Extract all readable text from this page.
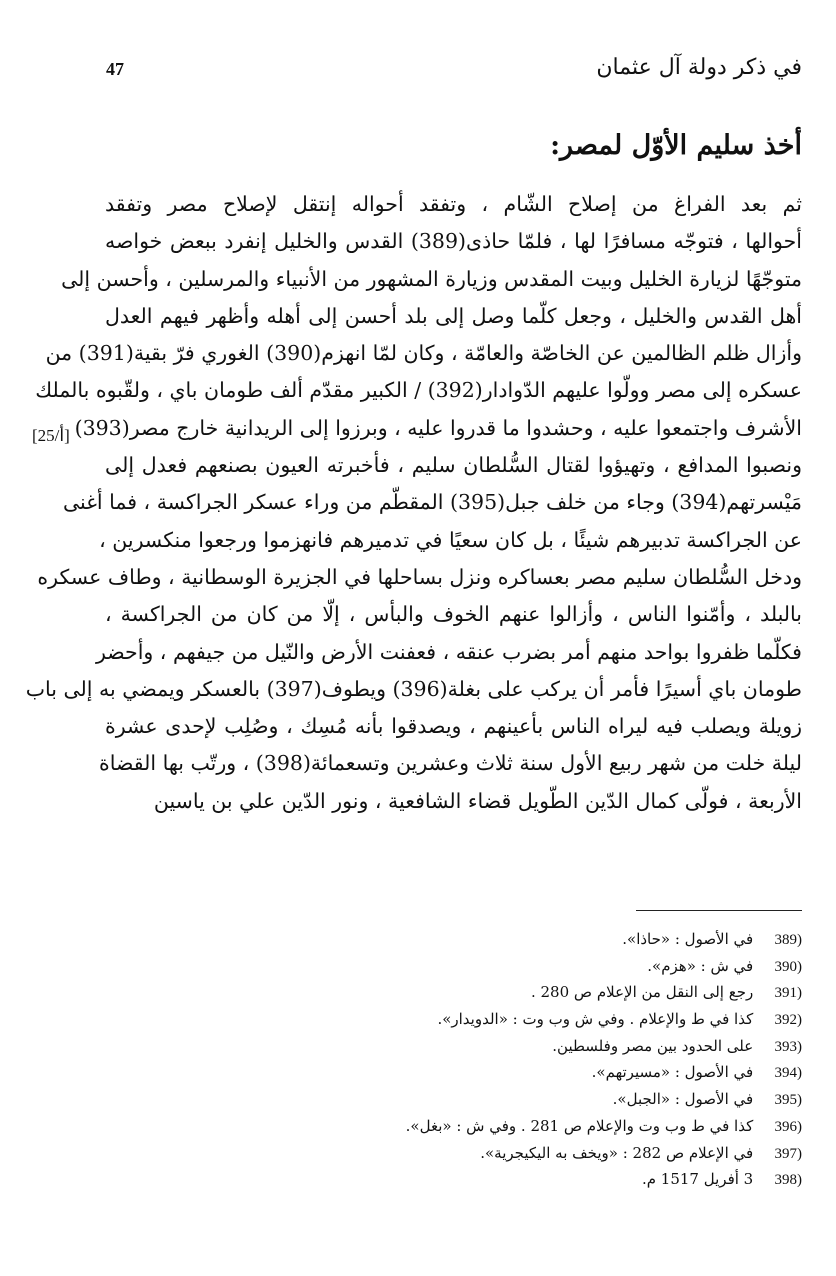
في ذكر دولة آل عثمان
47
أخذ سليم الأوّل لمصر:
[25/أ]
ثم بعد الفراغ من إصلاح الشّام ، وتفقد أحواله إنتقل لإصلاح مصر وتفقد
أحوالها ، فتوجّه مسافرًا لها ، فلمّا حاذى(389) القدس والخليل إنفرد ببعض خواصه
متوجّهًا لزيارة الخليل وبيت المقدس وزيارة المشهور من الأنبياء والمرسلين ، وأحسن إلى
أهل القدس والخليل ، وجعل كلّما وصل إلى بلد أحسن إلى أهله وأظهر فيهم العدل
وأزال ظلم الظالمين عن الخاصّة والعامّة ، وكان لمّا انهزم(390) الغوري فرّ بقية(391) من
عسكره إلى مصر وولّوا عليهم الدّوادار(392) / الكبير مقدّم ألف طومان باي ، ولقّبوه بالملك
الأشرف واجتمعوا عليه ، وحشدوا ما قدروا عليه ، وبرزوا إلى الريدانية خارج مصر(393)
ونصبوا المدافع ، وتهيؤوا لقتال السُّلطان سليم ، فأخبرته العيون بصنعهم فعدل إلى
مَيْسرتهم(394) وجاء من خلف جبل(395) المقطّم من وراء عسكر الجراكسة ، فما أغنى
عن الجراكسة تدبيرهم شيئًا ، بل كان سعيًا في تدميرهم فانهزموا ورجعوا منكسرين ،
ودخل السُّلطان سليم مصر بعساكره ونزل بساحلها في الجزيرة الوسطانية ، وطاف عسكره
بالبلد ، وأمّنوا الناس ، وأزالوا عنهم الخوف والبأس ، إلّا من كان من الجراكسة ،
فكلّما ظفروا بواحد منهم أمر بضرب عنقه ، فعفنت الأرض والنّيل من جيفهم ، وأحضر
طومان باي أسيرًا فأمر أن يركب على بغلة(396) ويطوف(397) بالعسكر ويمضي به إلى باب
زويلة ويصلب فيه ليراه الناس بأعينهم ، ويصدقوا بأنه مُسِك ، وصُلِب لإحدى عشرة
ليلة خلت من شهر ربيع الأول سنة ثلاث وعشرين وتسعمائة(398) ، ورتّب بها القضاة
الأربعة ، فولّى كمال الدّين الطّويل قضاء الشافعية ، ونور الدّين علي بن ياسين
(389 في الأصول : «حاذا».
(390 في ش : «هزم».
(391 رجع إلى النقل من الإعلام ص 280 .
(392 كذا في ط والإعلام . وفي ش وب وت : «الدويدار».
(393 على الحدود بين مصر وفلسطين.
(394 في الأصول : «مسيرتهم».
(395 في الأصول : «الجبل».
(396 كذا في ط وب وت والإعلام ص 281 . وفي ش : «بغل».
(397 في الإعلام ص 282 : «ويخف به اليكيجرية».
(398 3 أفريل 1517 م.
